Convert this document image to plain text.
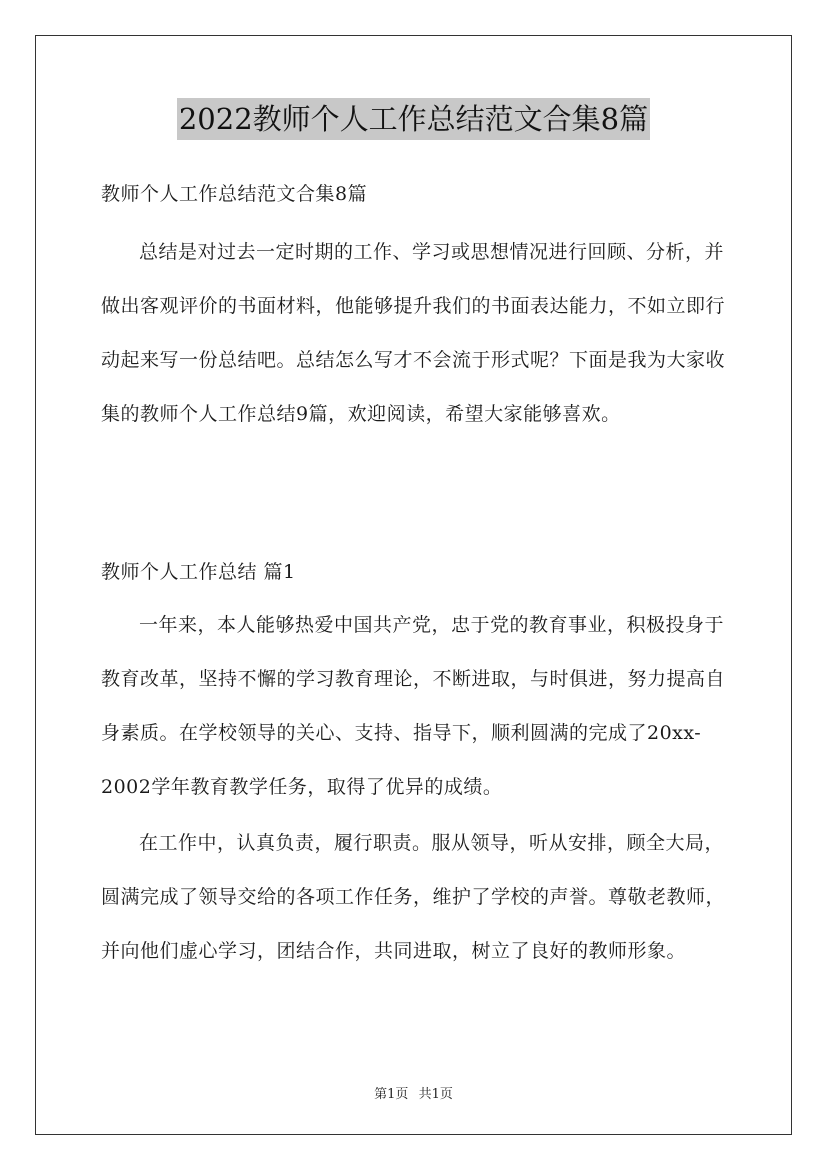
2022教师个人工作总结范文合集8篇
教师个人工作总结范文合集8篇
总结是对过去一定时期的工作、学习或思想情况进行回顾、分析，并做出客观评价的书面材料，他能够提升我们的书面表达能力，不如立即行动起来写一份总结吧。总结怎么写才不会流于形式呢？下面是我为大家收集的教师个人工作总结9篇，欢迎阅读，希望大家能够喜欢。
教师个人工作总结 篇1
一年来，本人能够热爱中国共产党，忠于党的教育事业，积极投身于教育改革，坚持不懈的学习教育理论，不断进取，与时俱进，努力提高自身素质。在学校领导的关心、支持、指导下，顺利圆满的完成了20xx-2002学年教育教学任务，取得了优异的成绩。
在工作中，认真负责，履行职责。服从领导，听从安排，顾全大局，圆满完成了领导交给的各项工作任务，维护了学校的声誉。尊敬老教师，并向他们虚心学习，团结合作，共同进取，树立了良好的教师形象。
第1页 共1页
